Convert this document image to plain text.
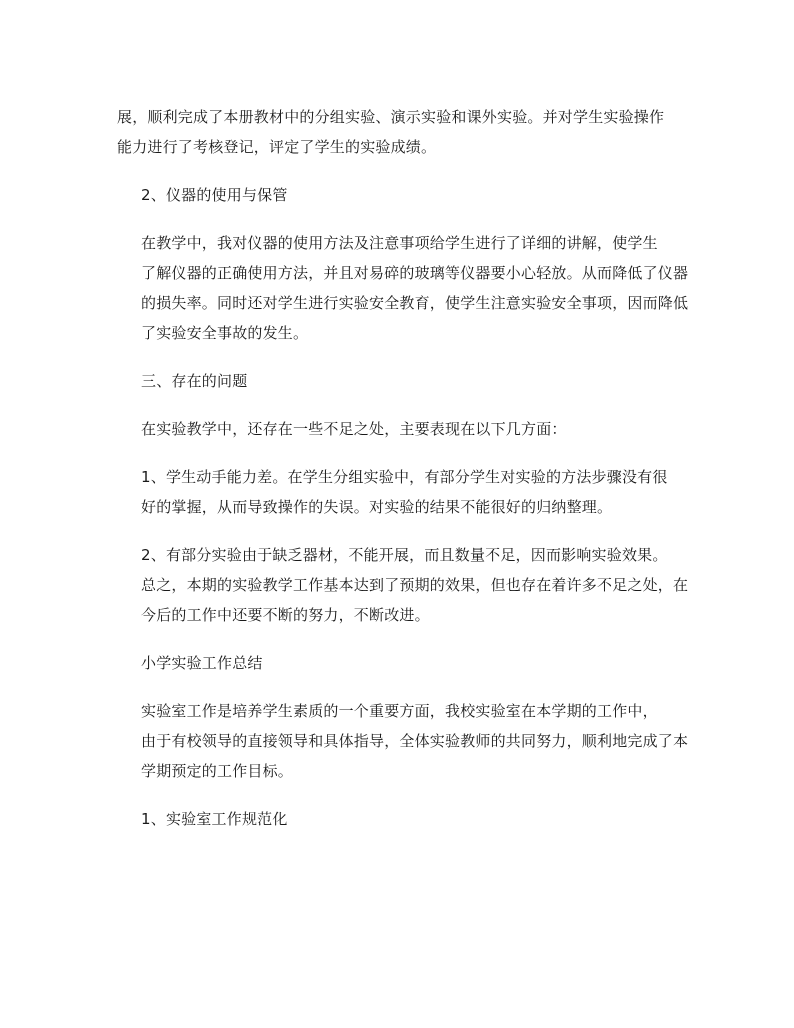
展，顺利完成了本册教材中的分组实验、演示实验和课外实验。并对学生实验操作
能力进行了考核登记，评定了学生的实验成绩。

2、仪器的使用与保管

在教学中，我对仪器的使用方法及注意事项给学生进行了详细的讲解，使学生
了解仪器的正确使用方法，并且对易碎的玻璃等仪器要小心轻放。从而降低了仪器
的损失率。同时还对学生进行实验安全教育，使学生注意实验安全事项，因而降低
了实验安全事故的发生。

三、存在的问题

在实验教学中，还存在一些不足之处，主要表现在以下几方面：

1、学生动手能力差。在学生分组实验中，有部分学生对实验的方法步骤没有很
好的掌握，从而导致操作的失误。对实验的结果不能很好的归纳整理。

2、有部分实验由于缺乏器材，不能开展，而且数量不足，因而影响实验效果。
总之，本期的实验教学工作基本达到了预期的效果，但也存在着许多不足之处，在
今后的工作中还要不断的努力，不断改进。

小学实验工作总结

实验室工作是培养学生素质的一个重要方面，我校实验室在本学期的工作中，
由于有校领导的直接领导和具体指导，全体实验教师的共同努力，顺利地完成了本
学期预定的工作目标。

1、实验室工作规范化
